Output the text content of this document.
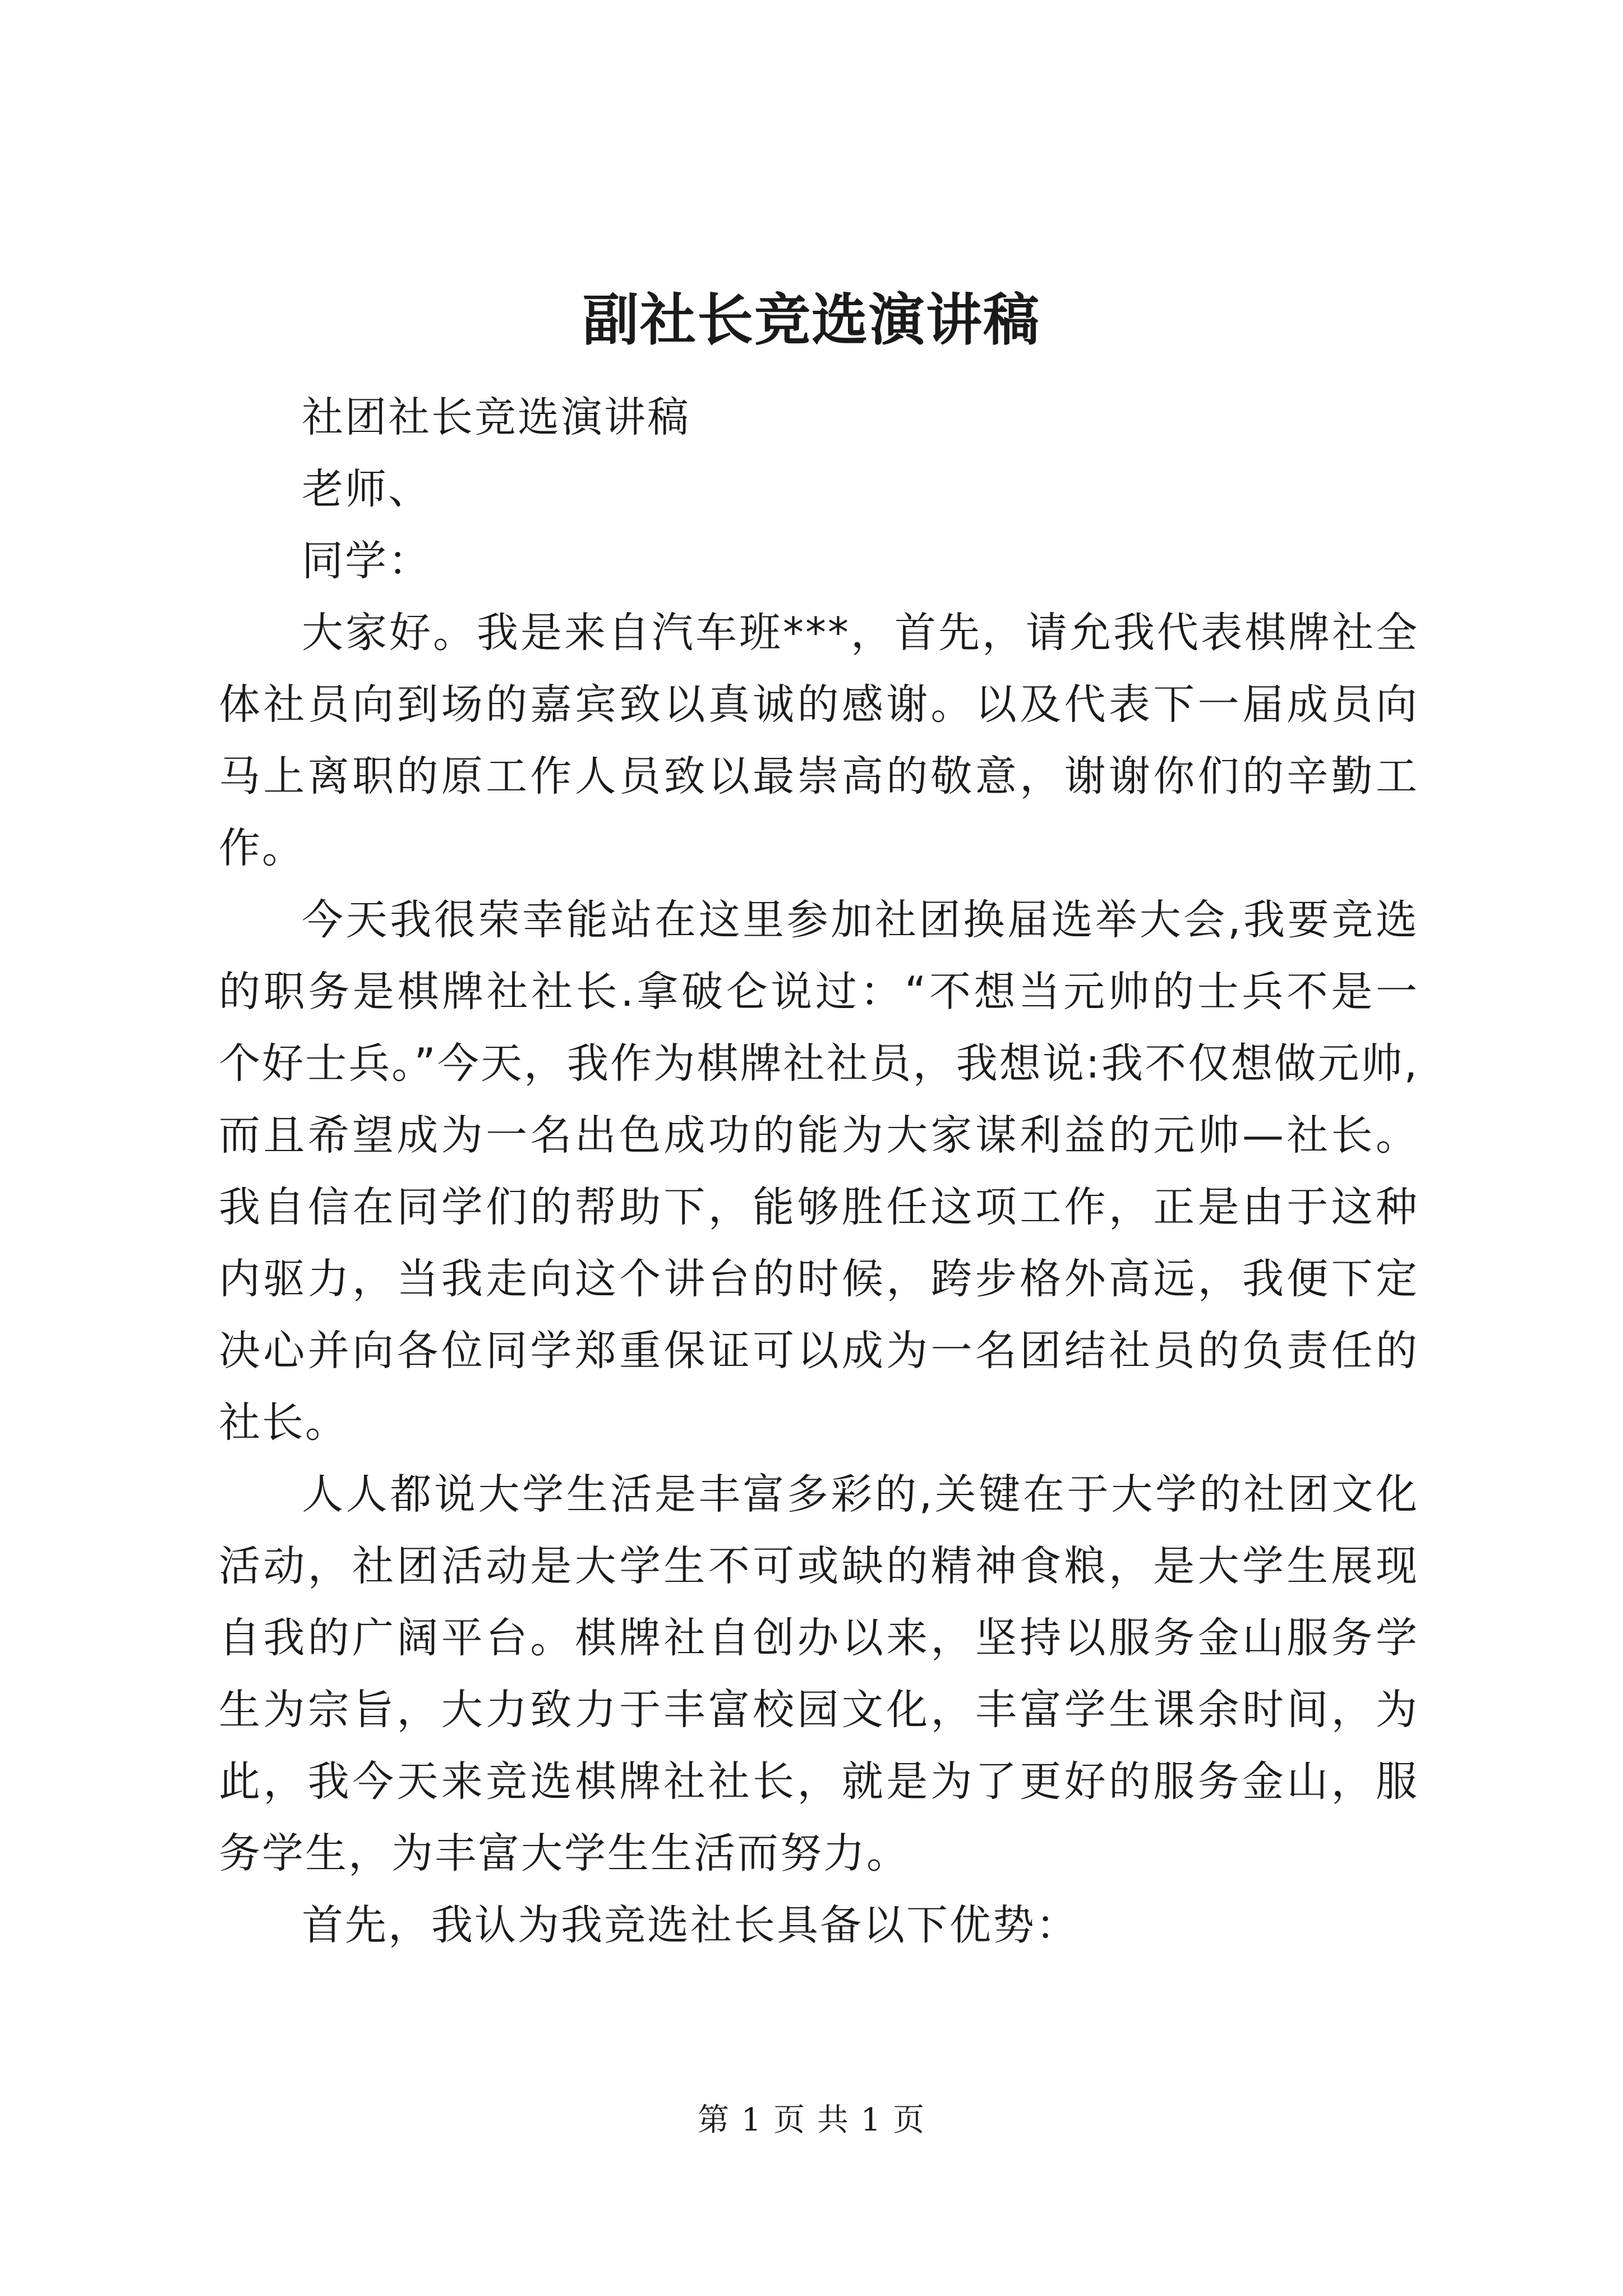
副社长竞选演讲稿

社团社长竞选演讲稿

老师、

同学：

大家好。我是来自汽车班***，首先，请允我代表棋牌社全体社员向到场的嘉宾致以真诚的感谢。以及代表下一届成员向马上离职的原工作人员致以最崇高的敬意，谢谢你们的辛勤工作。

今天我很荣幸能站在这里参加社团换届选举大会,我要竞选的职务是棋牌社社长.拿破仑说过：“不想当元帅的士兵不是一个好士兵。”今天，我作为棋牌社社员，我想说:我不仅想做元帅,而且希望成为一名出色成功的能为大家谋利益的元帅—社长。我自信在同学们的帮助下，能够胜任这项工作，正是由于这种内驱力，当我走向这个讲台的时候，跨步格外高远，我便下定决心并向各位同学郑重保证可以成为一名团结社员的负责任的社长。

人人都说大学生活是丰富多彩的,关键在于大学的社团文化活动，社团活动是大学生不可或缺的精神食粮，是大学生展现自我的广阔平台。棋牌社自创办以来，坚持以服务金山服务学生为宗旨，大力致力于丰富校园文化，丰富学生课余时间，为此，我今天来竞选棋牌社社长，就是为了更好的服务金山，服务学生，为丰富大学生生活而努力。

首先，我认为我竞选社长具备以下优势：

第 1 页 共 1 页
